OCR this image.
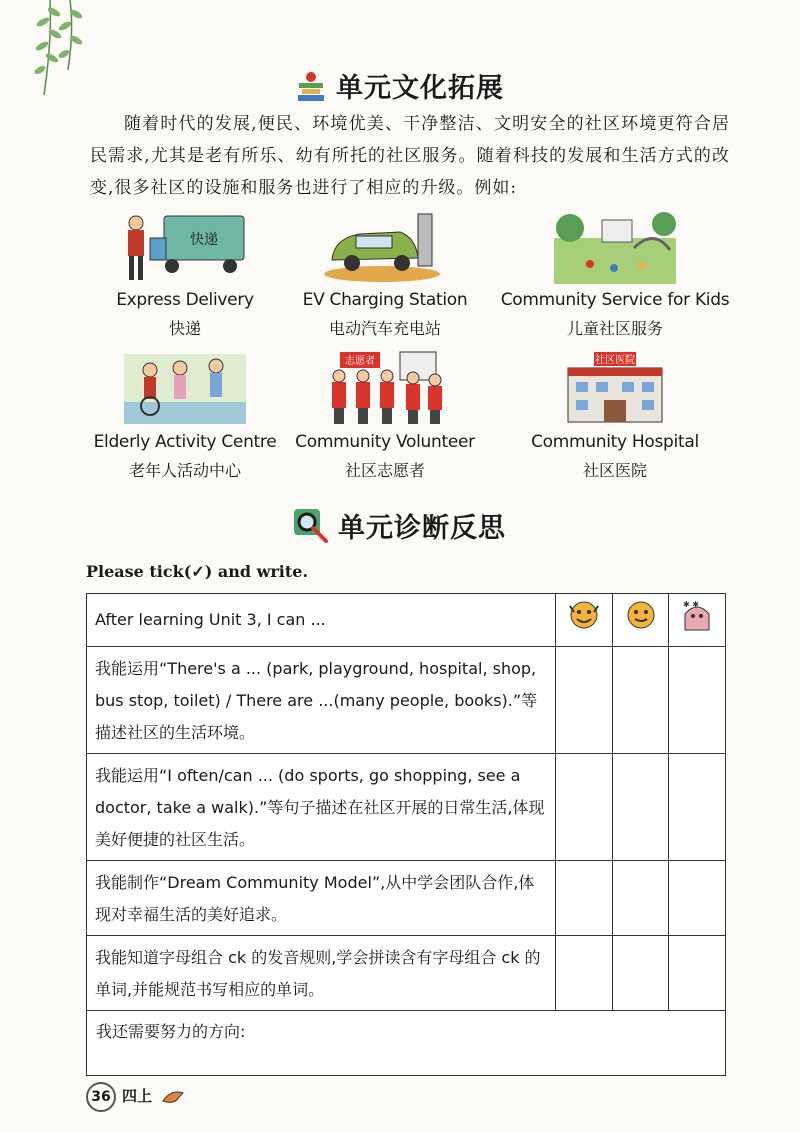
单元文化拓展
随着时代的发展,便民、环境优美、干净整洁、文明安全的社区环境更符合居民需求,尤其是老有所乐、幼有所托的社区服务。随着科技的发展和生活方式的改变,很多社区的设施和服务也进行了相应的升级。例如:
快递
Express Delivery
快递
EV Charging Station
电动汽车充电站
Community Service for Kids
儿童社区服务
Elderly Activity Centre
老年人活动中心
志愿者
Community Volunteer
社区志愿者
社区医院
Community Hospital
社区医院
单元诊断反思
Please tick(✓) and write.
After learning Unit 3, I can ...			✱ ✱

我能运用“There's a ... (park, playground, hospital, shop, bus stop, toilet) / There are ...(many people, books).”等描述社区的生活环境。			
我能运用“I often/can ... (do sports, go shopping, see a doctor, take a walk).”等句子描述在社区开展的日常生活,体现美好便捷的社区生活。			
我能制作“Dream Community Model”,从中学会团队合作,体现对幸福生活的美好追求。			
我能知道字母组合 ck 的发音规则,学会拼读含有字母组合 ck 的单词,并能规范书写相应的单词。			

我还需要努力的方向:			
36 四上
